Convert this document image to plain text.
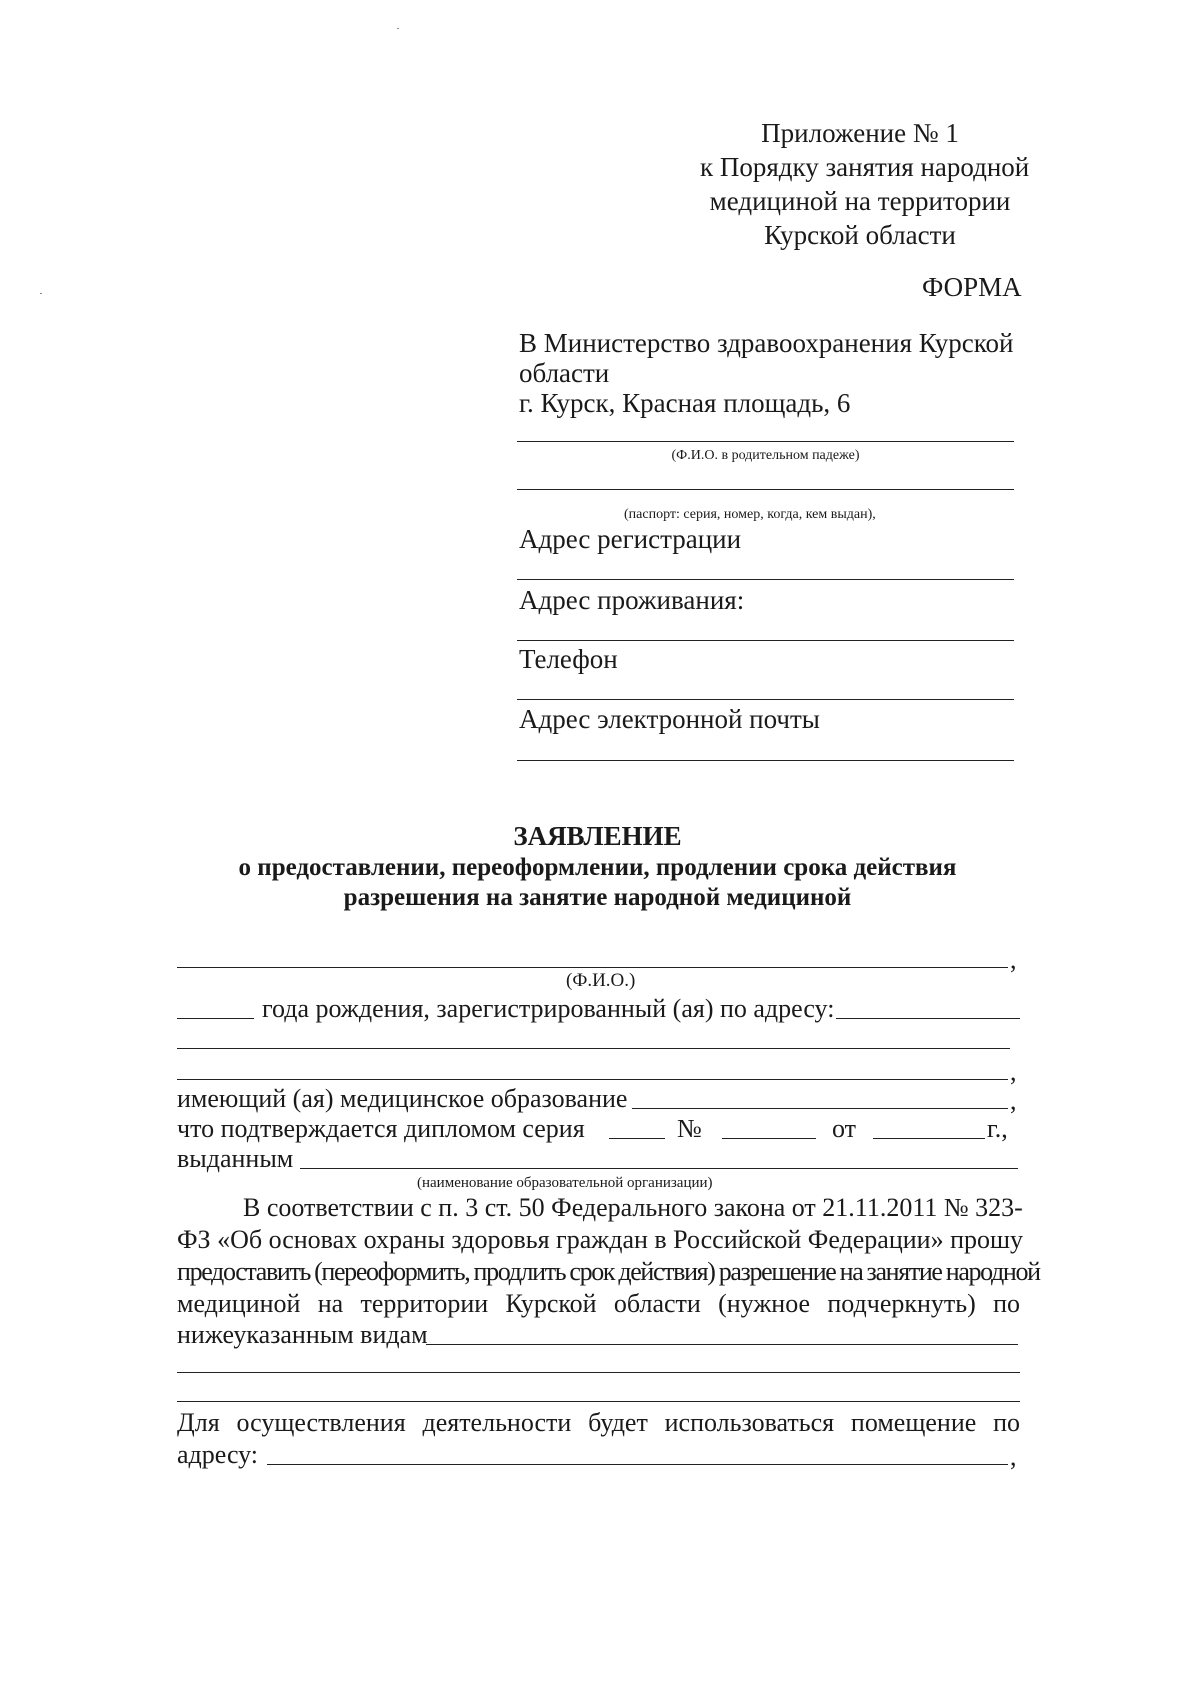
Приложение № 1
к Порядку занятия народной
медициной на территории
Курской области
ФОРМА
В Министерство здравоохранения Курской
области
г. Курск, Красная площадь, 6
(Ф.И.О. в родительном падеже)
(паспорт: серия, номер, когда, кем выдан),
Адрес регистрации
Адрес проживания:
Телефон
Адрес электронной почты
ЗАЯВЛЕНИЕ
о предоставлении, переоформлении, продлении срока действия
разрешения на занятие народной медициной
,
(Ф.И.О.)
года рождения, зарегистрированный (ая) по адресу:
,
имеющий (ая) медицинское образование	,
что подтверждается дипломом серия	№	от	г.,
выданным
(наименование образовательной организации)
В соответствии с п. 3 ст. 50 Федерального закона от 21.11.2011 № 323-
ФЗ «Об основах охраны здоровья граждан в Российской Федерации» прошу
предоставить (переоформить, продлить срок действия) разрешение на занятие народной
медициной на территории Курской области (нужное подчеркнуть) по
нижеуказанным видам
Для осуществления деятельности будет использоваться помещение по
адресу:	,
